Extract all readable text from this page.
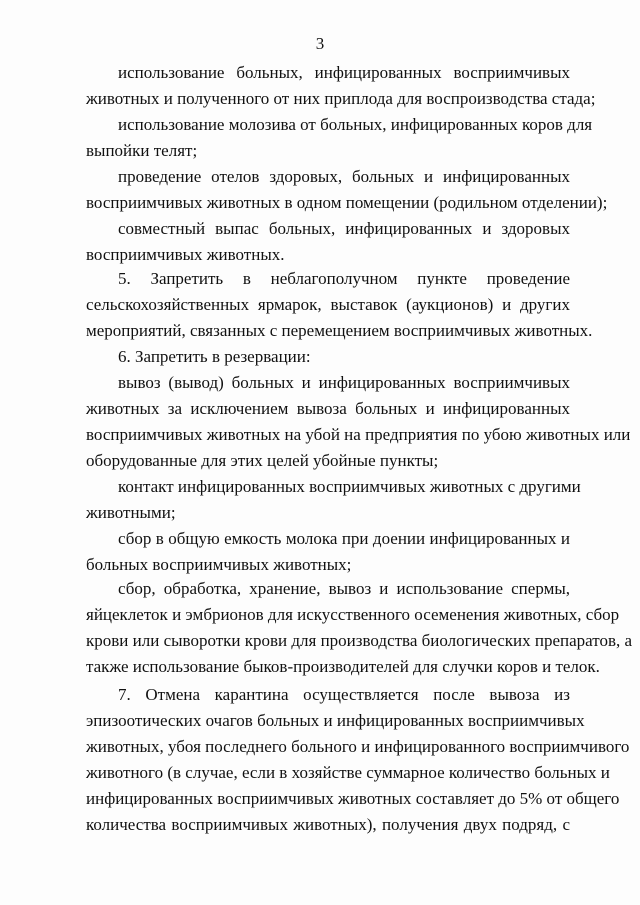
3
использование больных, инфицированных восприимчивых
животных и полученного от них приплода для воспроизводства стада;
использование молозива от больных, инфицированных коров для
выпойки телят;
проведение отелов здоровых, больных и инфицированных
восприимчивых животных в одном помещении (родильном отделении);
совместный выпас больных, инфицированных и здоровых
восприимчивых животных.
5. Запретить в неблагополучном пункте проведение
сельскохозяйственных ярмарок, выставок (аукционов) и других
мероприятий, связанных с перемещением восприимчивых животных.
6. Запретить в резервации:
вывоз (вывод) больных и инфицированных восприимчивых
животных за исключением вывоза больных и инфицированных
восприимчивых животных на убой на предприятия по убою животных или
оборудованные для этих целей убойные пункты;
контакт инфицированных восприимчивых животных с другими
животными;
сбор в общую емкость молока при доении инфицированных и
больных восприимчивых животных;
сбор, обработка, хранение, вывоз и использование спермы,
яйцеклеток и эмбрионов для искусственного осеменения животных, сбор
крови или сыворотки крови для производства биологических препаратов, а
также использование быков-производителей для случки коров и телок.
7. Отмена карантина осуществляется после вывоза из
эпизоотических очагов больных и инфицированных восприимчивых
животных, убоя последнего больного и инфицированного восприимчивого
животного (в случае, если в хозяйстве суммарное количество больных и
инфицированных восприимчивых животных составляет до 5% от общего
количества восприимчивых животных), получения двух подряд, с
